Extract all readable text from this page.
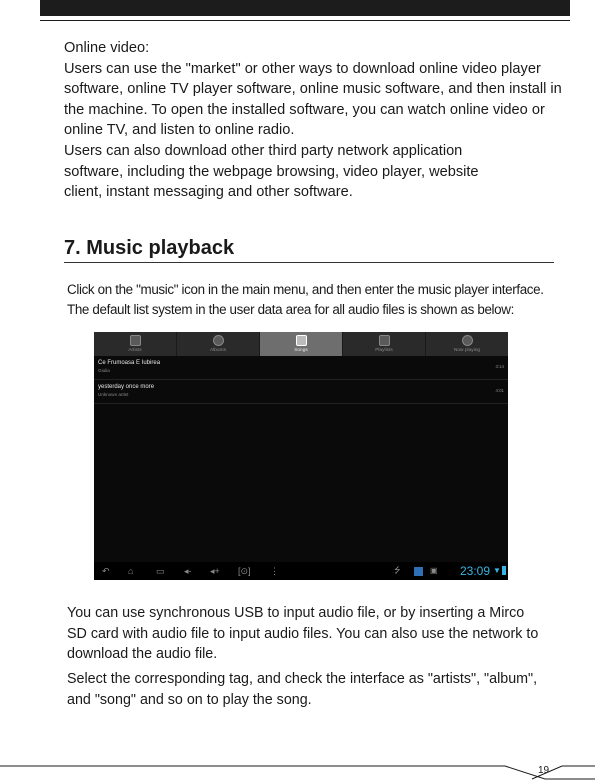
Online video:

Users can use the "market" or other ways to download online video player

software, online TV player software, online music software, and then install in

the machine. To open the installed software, you can watch online video or

online TV, and listen to online radio.

Users can also download other third party network application

software, including the webpage browsing, video player, website

client, instant messaging and other software.

7. Music playback

Click on the "music" icon in the main menu, and then enter the music player interface.

The default list system in the user data area for all audio files is shown as below:

Artists	Albums	Songs	Playlists	Now playing
Ce Frumoasa E Iubirea
Giulia
3:14
yesterday once more
Unknown artist
4:01
↶ ⌂	▭ ◂- ◂+ [⊙] ⋮	⭍	▣ 23:09 ▼

You can use synchronous USB to input audio file, or by inserting a Mirco

SD card with audio file to input audio files. You can also use the network to

download the audio file.

Select the corresponding tag, and check the interface as "artists", "album",

and "song" and so on to play the song.

19
